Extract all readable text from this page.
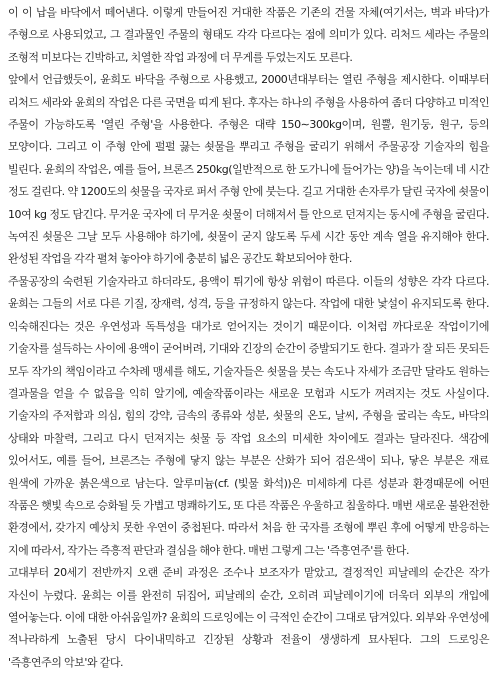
이 이 납을 바닥에서 떼어낸다. 이렇게 만들어진 거대한 작품은 기존의 건물 자체(여기서는, 벽과 바닥)가 주형으로 사용되었고, 그 결과물인 주물의 형태도 각각 다르다는 점에 의미가 있다. 리처드 세라는 주물의 조형적 미보다는 긴박하고, 치열한 작업 과정에 더 무게를 두었는지도 모른다.

앞에서 언급했듯이, 윤희도 바닥을 주형으로 사용했고, 2000년대부터는 열린 주형을 제시한다. 이때부터 리처드 세라와 윤희의 작업은 다른 국면을 띠게 된다. 후자는 하나의 주형을 사용하여 좀더 다양하고 미적인 주물이 가능하도록 '열린 주형'을 사용한다. 주형은 대략 150∼300kg이며, 원뿔, 원기둥, 원구, 등의 모양이다. 그리고 이 주형 안에 펄펄 끓는 쇳물을 뿌리고 주형을 굴리기 위해서 주물공장 기술자의 힘을 빌린다. 윤희의 작업은, 예를 들어, 브론즈 250kg(일반적으로 한 도가니에 들어가는 양)을 녹이는데 네 시간 정도 걸린다. 약 1200도의 쇳물을 국자로 퍼서 주형 안에 붓는다. 길고 거대한 손자루가 달린 국자에 쇳물이 10여 kg 정도 담긴다. 무거운 국자에 더 무거운 쇳물이 더해져서 틀 안으로 던져지는 동시에 주형을 굴린다. 녹여진 쇳물은 그날 모두 사용해야 하기에, 쇳물이 굳지 않도록 두세 시간 동안 계속 열을 유지해야 한다. 완성된 작업을 각각 펼쳐 놓아야 하기에 충분히 넓은 공간도 확보되어야 한다.

주물공장의 숙련된 기술자라고 하더라도, 용액이 튀기에 항상 위험이 따른다. 이들의 성향은 각각 다르다. 윤희는 그들의 서로 다른 기질, 장재력, 성격, 등을 규정하지 않는다. 작업에 대한 낯설이 유지되도록 한다. 익숙해진다는 것은 우연성과 독특성을 대가로 얻어지는 것이기 때문이다. 이처럼 까다로운 작업이기에 기술자를 설득하는 사이에 용액이 굳어버려, 기대와 긴장의 순간이 증발되기도 한다. 결과가 잘 되든 못되든 모두 작가의 책임이라고 수차례 맹세를 해도, 기술자들은 쇳물을 붓는 속도나 자세가 조금만 달라도 원하는 결과물을 얻을 수 없음을 익히 알기에, 예술작품이라는 새로운 모험과 시도가 꺼려지는 것도 사실이다. 기술자의 주저함과 의심, 힘의 강약, 금속의 종류와 성분, 쇳물의 온도, 날씨, 주형을 굴리는 속도, 바닥의 상태와 마찰력, 그리고 다시 던져지는 쇳물 등 작업 요소의 미세한 차이에도 결과는 달라진다. 색감에 있어서도, 예를 들어, 브론즈는 주형에 닿지 않는 부분은 산화가 되어 검은색이 되나, 닿은 부분은 재료 원색에 가까운 붉은색으로 남는다. 알루미늄(cf. (빛물 화석))은 미세하게 다른 성분과 환경때문에 어떤 작품은 햇빛 속으로 승화될 듯 가볍고 명쾌하기도, 또 다른 작품은 우울하고 침울하다. 매번 새로운 불완전한 환경에서, 갖가지 예상치 못한 우연이 중첩된다. 따라서 처음 한 국자를 조형에 뿌린 후에 어떻게 반응하는 지에 따라서, 작가는 즉흥적 판단과 결심을 해야 한다. 매번 그렇게 그는 '즉흥연주'를 한다.

고대부터 20세기 전반까지 오랜 준비 과정은 조수나 보조자가 맡았고, 결정적인 피날레의 순간은 작가 자신이 누렸다. 윤희는 이를 완전히 뒤집어, 피날레의 순간, 오히려 피날레이기에 더욱더 외부의 개입에 열어놓는다. 이에 대한 아쉬움일까? 윤희의 드로잉에는 이 극적인 순간이 그대로 담겨있다. 외부와 우연성에 적나라하게 노출된 당시 다이내믹하고 긴장된 상황과 전율이 생생하게 묘사된다. 그의 드로잉은 '즉흥연주의 악보'와 같다.
